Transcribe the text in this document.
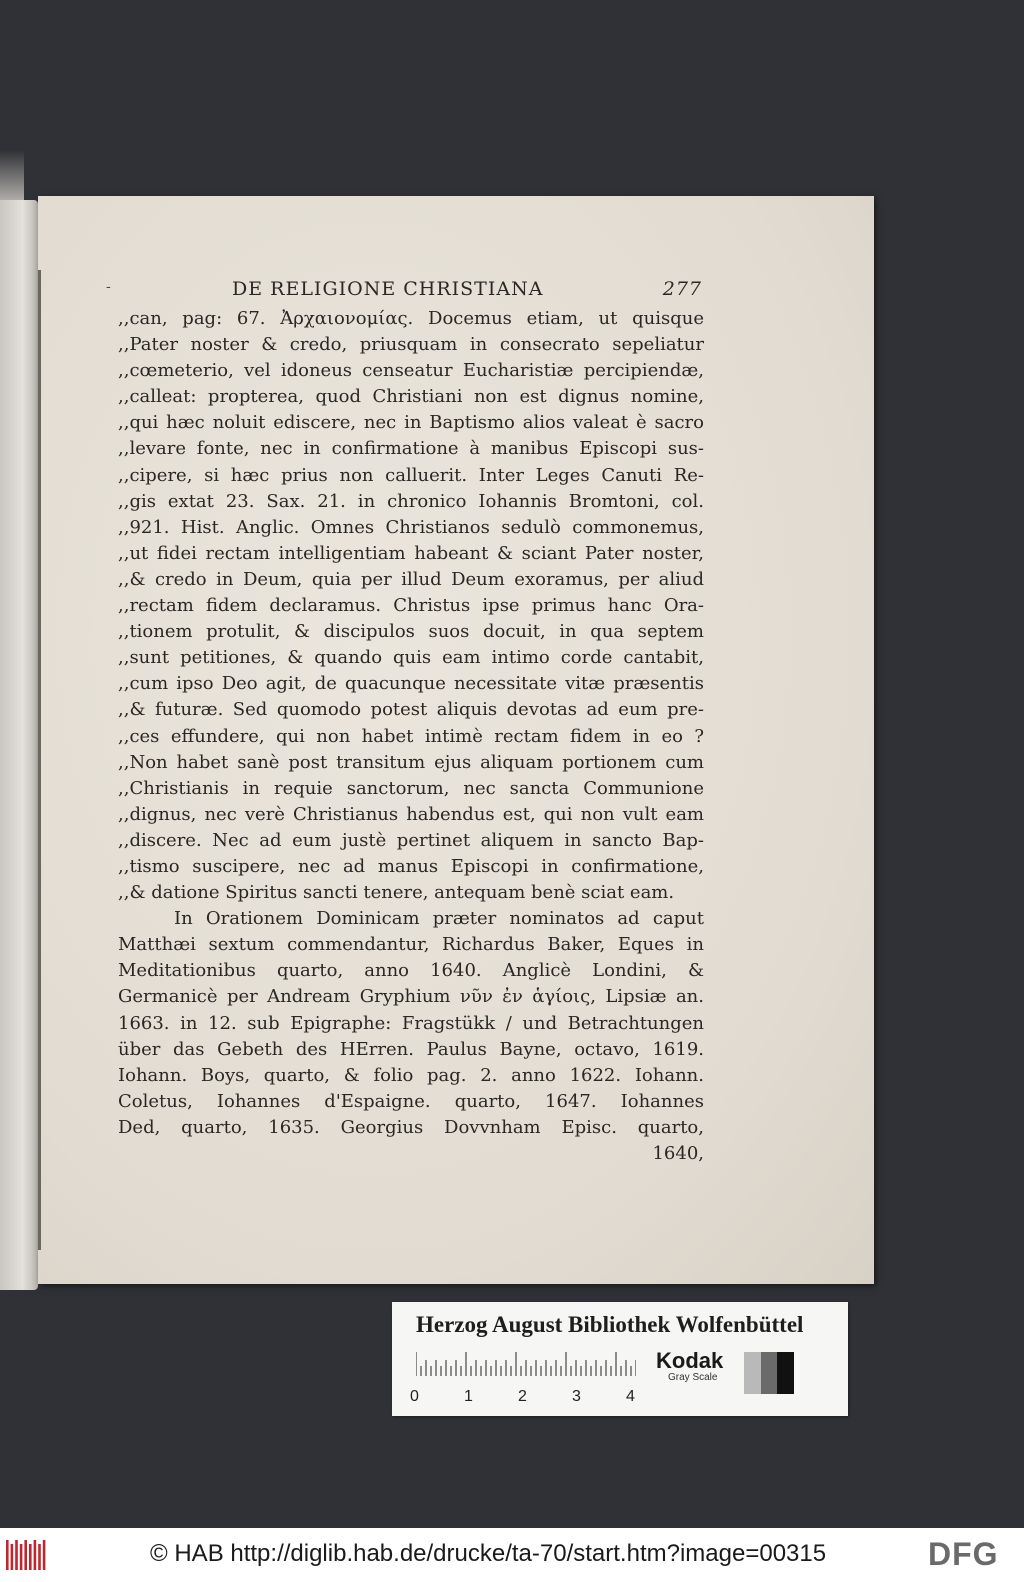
-	DE RELIGIONE CHRISTIANA	277
,,can, pag: 67. Ἀρχαιονομίας. Docemus etiam, ut quisque
,,Pater noster & credo, priusquam in consecrato sepeliatur
,,cœmeterio, vel idoneus censeatur Eucharistiæ percipiendæ,
,,calleat: propterea, quod Christiani non est dignus nomine,
,,qui hæc noluit ediscere, nec in Baptismo alios valeat è sacro
,,levare fonte, nec in confirmatione à manibus Episcopi sus-
,,cipere, si hæc prius non calluerit. Inter Leges Canuti Re-
,,gis extat 23. Sax. 21. in chronico Iohannis Bromtoni, col.
,,921. Hist. Anglic. Omnes Christianos sedulò commonemus,
,,ut fidei rectam intelligentiam habeant & sciant Pater noster,
,,& credo in Deum, quia per illud Deum exoramus, per aliud
,,rectam fidem declaramus. Christus ipse primus hanc Ora-
,,tionem protulit, & discipulos suos docuit, in qua septem
,,sunt petitiones, & quando quis eam intimo corde cantabit,
,,cum ipso Deo agit, de quacunque necessitate vitæ præsentis
,,& futuræ. Sed quomodo potest aliquis devotas ad eum pre-
,,ces effundere, qui non habet intimè rectam fidem in eo ?
,,Non habet sanè post transitum ejus aliquam portionem cum
,,Christianis in requie sanctorum, nec sancta Communione
,,dignus, nec verè Christianus habendus est, qui non vult eam
,,discere. Nec ad eum justè pertinet aliquem in sancto Bap-
,,tismo suscipere, nec ad manus Episcopi in confirmatione,
,,& datione Spiritus sancti tenere, antequam benè sciat eam.
In Orationem Dominicam præter nominatos ad caput
Matthæi sextum commendantur, Richardus Baker, Eques in
Meditationibus quarto, anno 1640. Anglicè Londini, &
Germanicè per Andream Gryphium νῦν ἐν ἁγίοις, Lipsiæ an.
1663. in 12. sub Epigraphe: Fragstükk / und Betrachtungen
über das Gebeth des HErren. Paulus Bayne, octavo, 1619.
Iohann. Boys, quarto, & folio pag. 2. anno 1622. Iohann.
Coletus, Iohannes d'Espaigne. quarto, 1647. Iohannes
Ded, quarto, 1635. Georgius Dovvnham Episc. quarto,
1640,
Herzog August Bibliothek Wolfenbüttel
0	1	2	3	4
Kodak
Gray Scale
© HAB http://diglib.hab.de/drucke/ta-70/start.htm?image=00315	DFG
